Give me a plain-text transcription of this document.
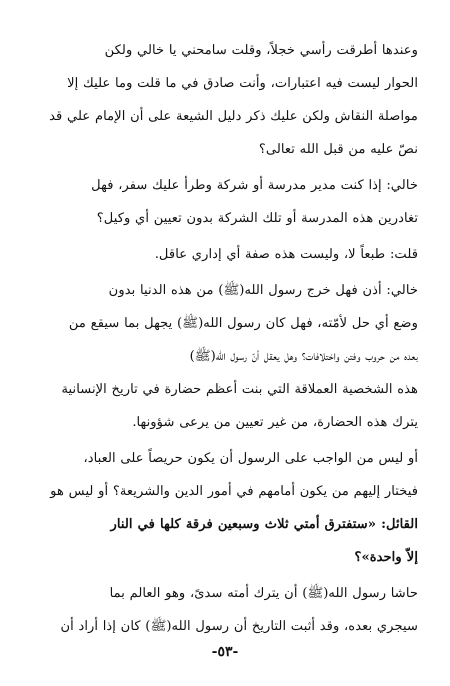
وعندها أطرقت رأسي خجلاً، وقلت سامحني يا خالي ولكن
الحوار ليست فيه اعتبارات، وأنت صادق في ما قلت وما عليك إلا
مواصلة النقاش ولكن عليك ذكر دليل الشيعة على أن الإمام علي قد
نصّ عليه من قبل الله تعالى؟

خالي: إذا كنت مدير مدرسة أو شركة وطرأ عليك سفر، فهل
تغادرين هذه المدرسة أو تلك الشركة بدون تعيين أي وكيل؟

قلت: طبعاً لا، وليست هذه صفة أي إداري عاقل.

خالي: أذن فهل خرج رسول الله(ﷺ) من هذه الدنيا بدون
وضع أي حل لأمّته، فهل كان رسول الله(ﷺ) يجهل بما سيقع من
بعده من حروب وفتن واختلافات؟ وهل يعقل أنّ رسول الله(ﷺ)
هذه الشخصية العملاقة التي بنت أعظم حضارة في تاريخ الإنسانية
يترك هذه الحضارة، من غير تعيين من يرعى شؤونها.

أو ليس من الواجب على الرسول أن يكون حريصاً على العباد،
فيختار إليهم من يكون أمامهم في أمور الدين والشريعة؟ أو ليس هو
القائل: «ستفترق أمتي ثلاث وسبعين فرقة كلها في النار
إلاّ واحدة»؟

حاشا رسول الله(ﷺ) أن يترك أمته سدىً، وهو العالم بما
سيجري بعده، وقد أثبت التاريخ أن رسول الله(ﷺ) كان إذا أراد أن

-٥٣-
